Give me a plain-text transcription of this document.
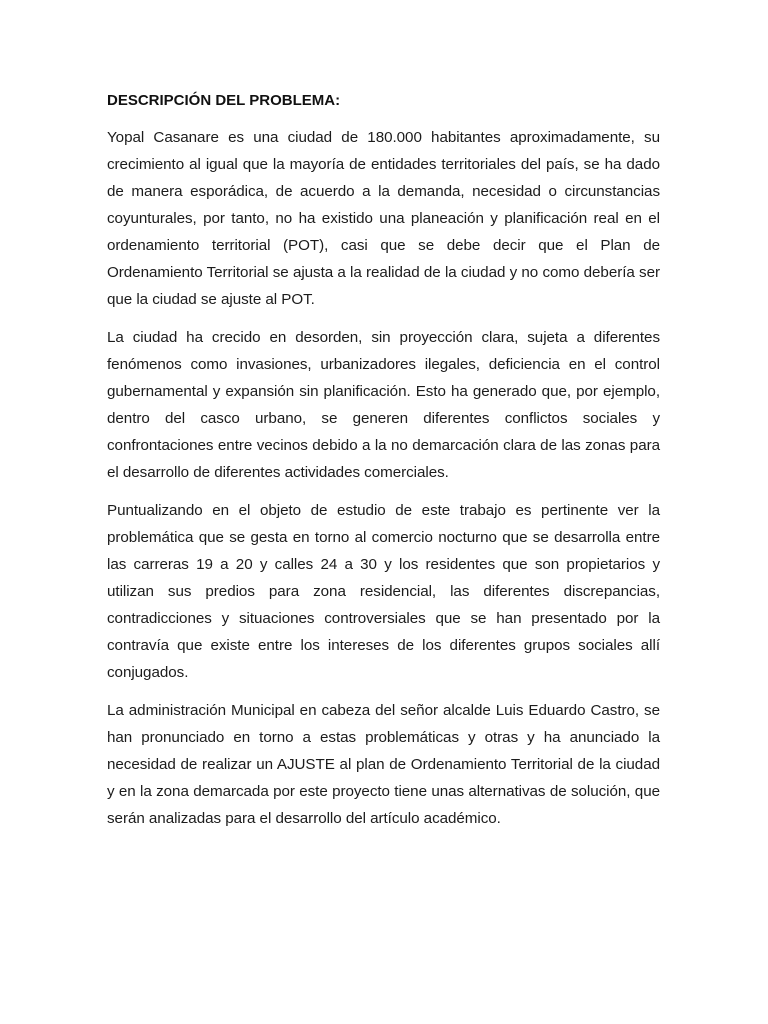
DESCRIPCIÓN DEL PROBLEMA:

Yopal Casanare es una ciudad de 180.000 habitantes aproximadamente, su crecimiento al igual que la mayoría de entidades territoriales del país, se ha dado de manera esporádica, de acuerdo a la demanda, necesidad o circunstancias coyunturales, por tanto, no ha existido una planeación y planificación real en el ordenamiento territorial (POT), casi que se debe decir que el Plan de Ordenamiento Territorial se ajusta a la realidad de la ciudad y no como debería ser que la ciudad se ajuste al POT.

La ciudad ha crecido en desorden, sin proyección clara, sujeta a diferentes fenómenos como invasiones, urbanizadores ilegales, deficiencia en el control gubernamental y expansión sin planificación. Esto ha generado que, por ejemplo, dentro del casco urbano, se generen diferentes conflictos sociales y confrontaciones entre vecinos debido a la no demarcación clara de las zonas para el desarrollo de diferentes actividades comerciales.

Puntualizando en el objeto de estudio de este trabajo es pertinente ver la problemática que se gesta en torno al comercio nocturno que se desarrolla entre las carreras 19 a 20 y calles 24 a 30 y los residentes que son propietarios y utilizan sus predios para zona residencial, las diferentes discrepancias, contradicciones y situaciones controversiales que se han presentado por la contravía que existe entre los intereses de los diferentes grupos sociales allí conjugados.

La administración Municipal en cabeza del señor alcalde Luis Eduardo Castro, se han pronunciado en torno a estas problemáticas y otras y ha anunciado la necesidad de realizar un AJUSTE al plan de Ordenamiento Territorial de la ciudad y en la zona demarcada por este proyecto tiene unas alternativas de solución, que serán analizadas para el desarrollo del artículo académico.
